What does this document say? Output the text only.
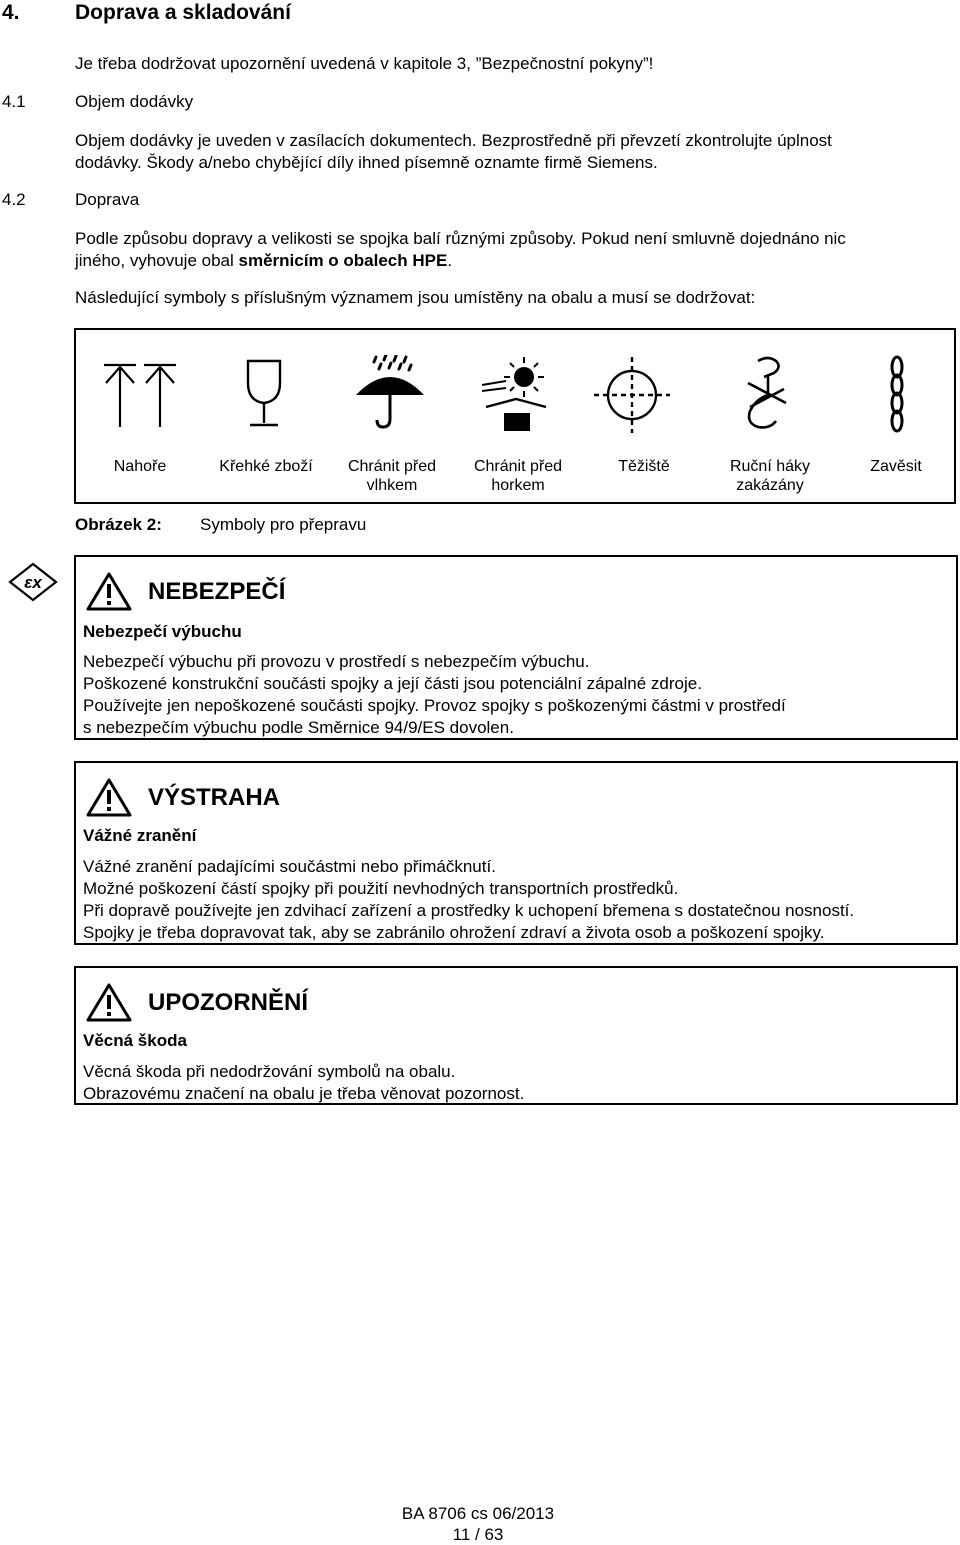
4.	Doprava a skladování
Je třeba dodržovat upozornění uvedená v kapitole 3, ”Bezpečnostní pokyny”!
4.1	Objem dodávky
Objem dodávky je uveden v zasílacích dokumentech. Bezprostředně při převzetí zkontrolujte úplnost
dodávky. Škody a/nebo chybějící díly ihned písemně oznamte firmě Siemens.
4.2	Doprava
Podle způsobu dopravy a velikosti se spojka balí různými způsoby. Pokud není smluvně dojednáno nic
jiného, vyhovuje obal směrnicím o obalech HPE.
Následující symboly s příslušným významem jsou umístěny na obalu a musí se dodržovat:
Nahoře	Křehké zboží	Chránit před
vlhkem
Chránit před
horkem
Těžiště	Ruční háky
zakázány
Zavěsit
Obrázek 2: Symboly pro přepravu
εx	NEBEZPEČÍ
Nebezpečí výbuchu
Nebezpečí výbuchu při provozu v prostředí s nebezpečím výbuchu.
Poškozené konstrukční součásti spojky a její části jsou potenciální zápalné zdroje.
Používejte jen nepoškozené součásti spojky. Provoz spojky s poškozenými částmi v prostředí
s nebezpečím výbuchu podle Směrnice 94/9/ES dovolen.
VÝSTRAHA
Vážné zranění
Vážné zranění padajícími součástmi nebo přimáčknutí.
Možné poškození částí spojky při použití nevhodných transportních prostředků.
Při dopravě používejte jen zdvihací zařízení a prostředky k uchopení břemena s dostatečnou nosností.
Spojky je třeba dopravovat tak, aby se zabránilo ohrožení zdraví a života osob a poškození spojky.
UPOZORNĚNÍ
Věcná škoda
Věcná škoda při nedodržování symbolů na obalu.
Obrazovému značení na obalu je třeba věnovat pozornost.
BA 8706 cs 06/2013
11 / 63
